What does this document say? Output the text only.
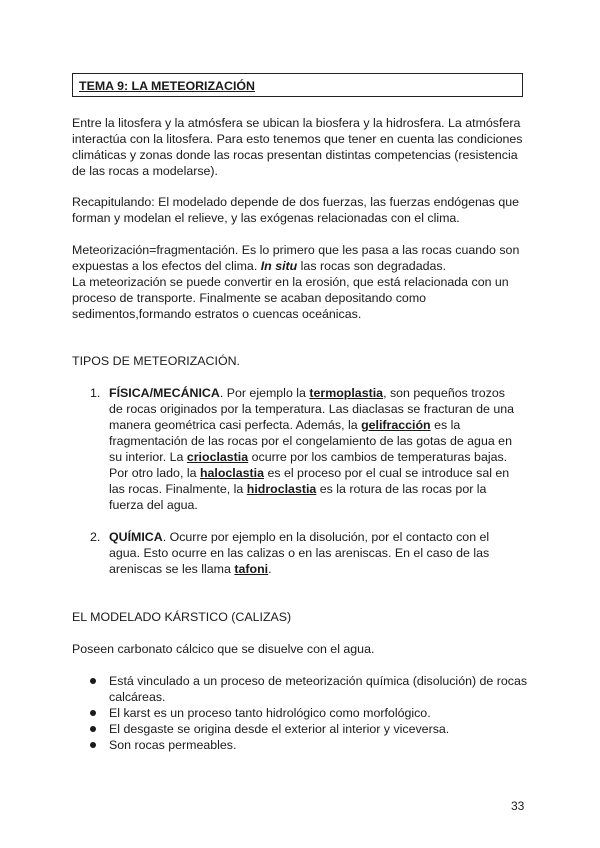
TEMA 9: LA METEORIZACIÓN

Entre la litosfera y la atmósfera se ubican la biosfera y la hidrosfera. La atmósfera interactúa con la litosfera. Para esto tenemos que tener en cuenta las condiciones climáticas y zonas donde las rocas presentan distintas competencias (resistencia de las rocas a modelarse).

Recapitulando: El modelado depende de dos fuerzas, las fuerzas endógenas que forman y modelan el relieve, y las exógenas relacionadas con el clima.

Meteorización=fragmentación. Es lo primero que les pasa a las rocas cuando son expuestas a los efectos del clima. In situ las rocas son degradadas.

La meteorización se puede convertir en la erosión, que está relacionada con un proceso de transporte. Finalmente se acaban depositando como sedimentos,formando estratos o cuencas oceánicas.

TIPOS DE METEORIZACIÓN.

1. FÍSICA/MECÁNICA. Por ejemplo la termoplastia, son pequeños trozos de rocas originados por la temperatura. Las diaclasas se fracturan de una manera geométrica casi perfecta. Además, la gelifracción es la fragmentación de las rocas por el congelamiento de las gotas de agua en su interior. La crioclastia ocurre por los cambios de temperaturas bajas. Por otro lado, la haloclastia es el proceso por el cual se introduce sal en las rocas. Finalmente, la hidroclastia es la rotura de las rocas por la fuerza del agua.
2. QUÍMICA. Ocurre por ejemplo en la disolución, por el contacto con el agua. Esto ocurre en las calizas o en las areniscas. En el caso de las areniscas se les llama tafoni.

EL MODELADO KÁRSTICO (CALIZAS)

Poseen carbonato cálcico que se disuelve con el agua.

Está vinculado a un proceso de meteorización química (disolución) de rocas calcáreas.
El karst es un proceso tanto hidrológico como morfológico.
El desgaste se origina desde el exterior al interior y viceversa.
Son rocas permeables.
33
